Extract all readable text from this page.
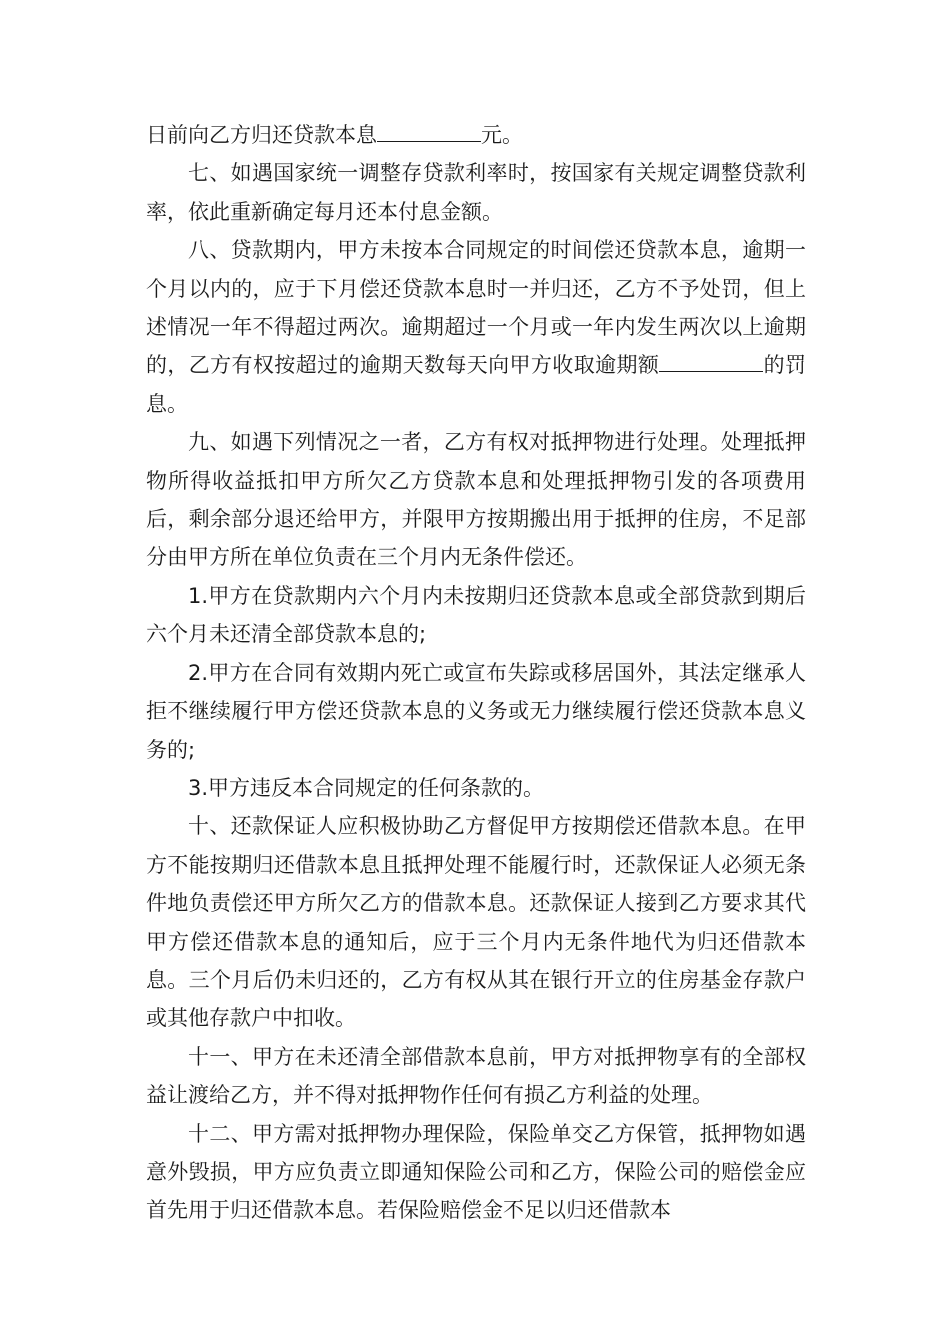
日前向乙方归还贷款本息	元。

七、如遇国家统一调整存贷款利率时，按国家有关规定调整贷款利率，依此重新确定每月还本付息金额。

八、贷款期内，甲方未按本合同规定的时间偿还贷款本息，逾期一个月以内的，应于下月偿还贷款本息时一并归还，乙方不予处罚，但上述情况一年不得超过两次。逾期超过一个月或一年内发生两次以上逾期的，乙方有权按超过的逾期天数每天向甲方收取逾期额	的罚息。

九、如遇下列情况之一者，乙方有权对抵押物进行处理。处理抵押物所得收益抵扣甲方所欠乙方贷款本息和处理抵押物引发的各项费用后，剩余部分退还给甲方，并限甲方按期搬出用于抵押的住房，不足部分由甲方所在单位负责在三个月内无条件偿还。

1.甲方在贷款期内六个月内未按期归还贷款本息或全部贷款到期后六个月未还清全部贷款本息的;

2.甲方在合同有效期内死亡或宣布失踪或移居国外，其法定继承人拒不继续履行甲方偿还贷款本息的义务或无力继续履行偿还贷款本息义务的;

3.甲方违反本合同规定的任何条款的。

十、还款保证人应积极协助乙方督促甲方按期偿还借款本息。在甲方不能按期归还借款本息且抵押处理不能履行时，还款保证人必须无条件地负责偿还甲方所欠乙方的借款本息。还款保证人接到乙方要求其代甲方偿还借款本息的通知后，应于三个月内无条件地代为归还借款本息。三个月后仍未归还的，乙方有权从其在银行开立的住房基金存款户或其他存款户中扣收。

十一、甲方在未还清全部借款本息前，甲方对抵押物享有的全部权益让渡给乙方，并不得对抵押物作任何有损乙方利益的处理。

十二、甲方需对抵押物办理保险，保险单交乙方保管，抵押物如遇意外毁损，甲方应负责立即通知保险公司和乙方，保险公司的赔偿金应首先用于归还借款本息。若保险赔偿金不足以归还借款本
